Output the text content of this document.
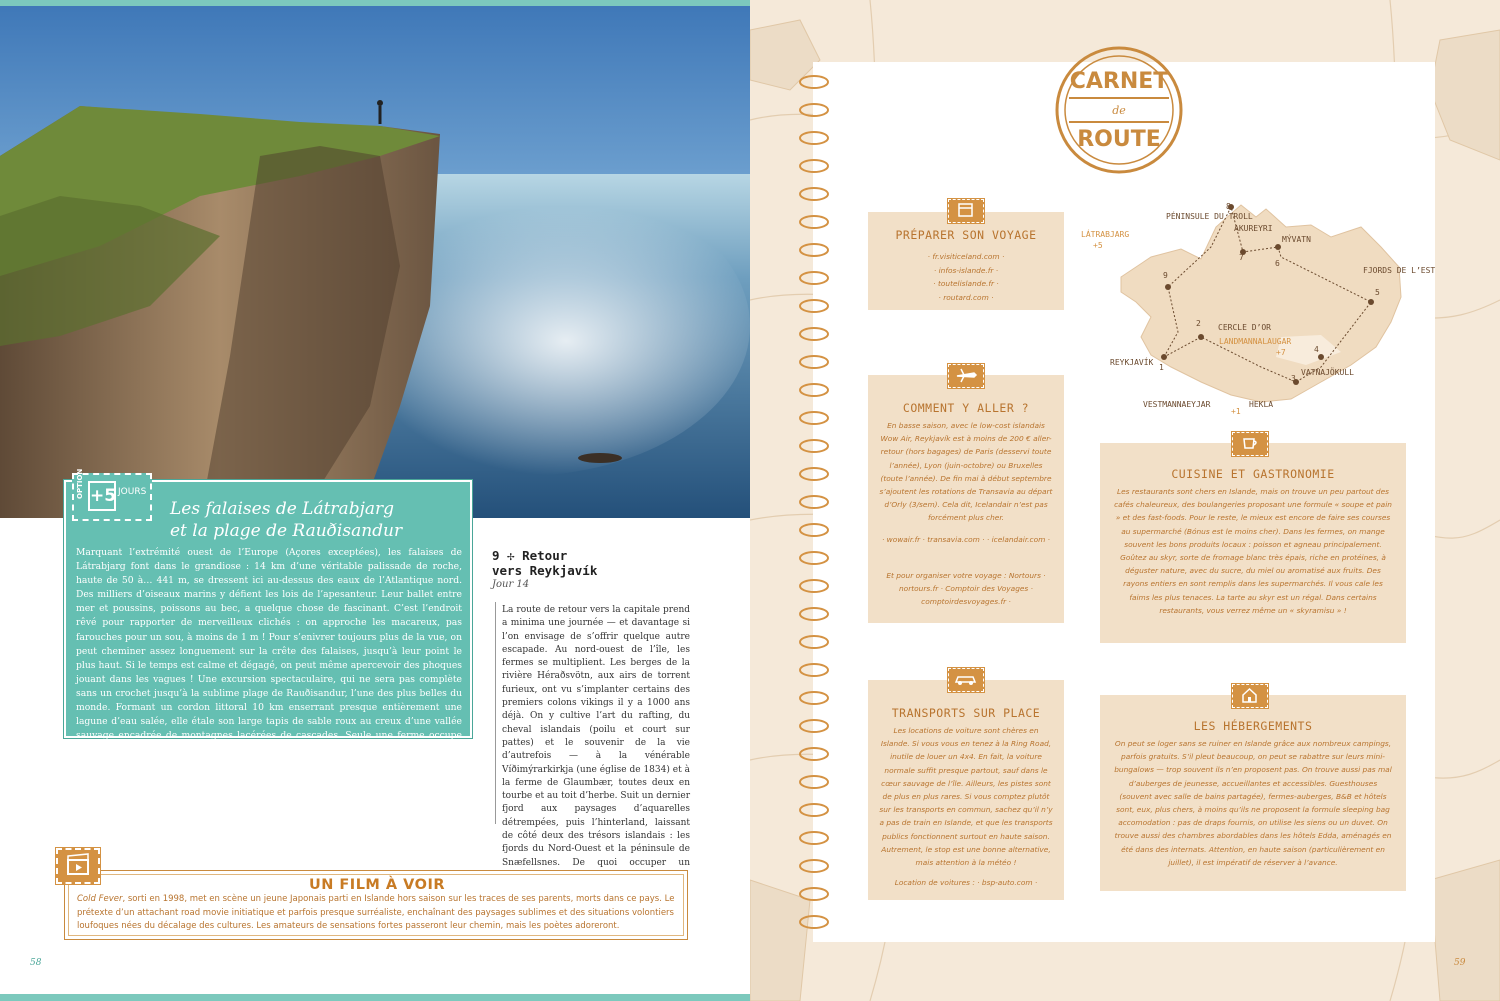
Les falaises de Látrabjarg
et la plage de Rauðisandur
Marquant l’extrémité ouest de l’Europe (Açores exceptées), les falaises de Látrabjarg font dans le grandiose : 14 km d’une véritable palissade de roche, haute de 50 à… 441 m, se dressent ici au-dessus des eaux de l’Atlantique nord. Des milliers d’oiseaux marins y défient les lois de l’apesanteur. Leur ballet entre mer et poussins, poissons au bec, a quelque chose de fascinant. C’est l’endroit rêvé pour rapporter de merveilleux clichés : on approche les macareux, pas farouches pour un sou, à moins de 1 m ! Pour s’enivrer toujours plus de la vue, on peut cheminer assez longuement sur la crête des falaises, jusqu’à leur point le plus haut. Si le temps est calme et dégagé, on peut même apercevoir des phoques jouant dans les vagues ! Une excursion spectaculaire, qui ne sera pas complète sans un crochet jusqu’à la sublime plage de Rauðisandur, l’une des plus belles du monde. Formant un cordon littoral 10 km enserrant presque entièrement une lagune d’eau salée, elle étale son large tapis de sable roux au creux d’une vallée sauvage encadrée de montagnes lacérées de cascades. Seule une ferme occupe l’espace, dont les moutons traversent à marée basse l’estran immense. Par temps clair, scintille sur l’autre rive du Breiðafjörður le dôme du glacier Snæfellsjökull.
OPTION +5 JOURS
9 ✢ Retour
vers Reykjavík
Jour 14
La route de retour vers la capitale prend a minima une journée — et davantage si l’on envisage de s’offrir quelque autre escapade. Au nord-ouest de l’île, les fermes se multiplient. Les berges de la rivière Héraðsvötn, aux airs de torrent furieux, ont vu s’implanter certains des premiers colons vikings il y a 1000 ans déjà. On y cultive l’art du rafting, du cheval islandais (poilu et court sur pattes) et le souvenir de la vie d’autrefois — à la vénérable Víðimýrarkirkja (une église de 1834) et à la ferme de Glaumbær, toutes deux en tourbe et au toit d’herbe. Suit un dernier fjord aux paysages d’aquarelles détrempées, puis l’hinterland, laissant de côté deux des trésors islandais : les fjords du Nord-Ouest et la péninsule de Snæfellsnes. De quoi occuper un
UN FILM À VOIR
Cold Fever, sorti en 1998, met en scène un jeune Japonais parti en Islande hors saison sur les traces de ses parents, morts dans ce pays. Le prétexte d’un attachant road movie initiatique et parfois presque surréaliste, enchaînant des paysages sublimes et des situations volontiers loufoques nées du décalage des cultures. Les amateurs de sensations fortes passeront leur chemin, mais les poètes adoreront.
58
CARNET
de
ROUTE
PRÉPARER SON VOYAGE
· fr.visiticeland.com ·
· infos-islande.fr ·
· toutelislande.fr ·
· routard.com ·
COMMENT Y ALLER ?
En basse saison, avec le low-cost islandais Wow Air, Reykjavík est à moins de 200 € aller-retour (hors bagages) de Paris (desservi toute l’année), Lyon (juin-octobre) ou Bruxelles (toute l’année). De fin mai à début septembre s’ajoutent les rotations de Transavia au départ d’Orly (3/sem). Cela dit, Icelandair n’est pas forcément plus cher.
· wowair.fr · transavia.com · · icelandair.com ·
Et pour organiser votre voyage : Nortours · nortours.fr · Comptoir des Voyages · comptoirdesvoyages.fr ·
TRANSPORTS SUR PLACE
Les locations de voiture sont chères en Islande. Si vous vous en tenez à la Ring Road, inutile de louer un 4x4. En fait, la voiture normale suffit presque partout, sauf dans le cœur sauvage de l’île. Ailleurs, les pistes sont de plus en plus rares. Si vous comptez plutôt sur les transports en commun, sachez qu’il n’y a pas de train en Islande, et que les transports publics fonctionnent surtout en haute saison. Autrement, le stop est une bonne alternative, mais attention à la météo !
Location de voitures : · bsp-auto.com ·
CUISINE ET GASTRONOMIE
Les restaurants sont chers en Islande, mais on trouve un peu partout des cafés chaleureux, des boulangeries proposant une formule « soupe et pain » et des fast-foods. Pour le reste, le mieux est encore de faire ses courses au supermarché (Bónus est le moins cher). Dans les fermes, on mange souvent les bons produits locaux : poisson et agneau principalement. Goûtez au skyr, sorte de fromage blanc très épais, riche en protéines, à déguster nature, avec du sucre, du miel ou aromatisé aux fruits. Des rayons entiers en sont remplis dans les supermarchés. Il vous cale les faims les plus tenaces. La tarte au skyr est un régal. Dans certains restaurants, vous verrez même un « skyramisu » !
LES HÉBERGEMENTS
On peut se loger sans se ruiner en Islande grâce aux nombreux campings, parfois gratuits. S’il pleut beaucoup, on peut se rabattre sur leurs mini-bungalows — trop souvent ils n’en proposent pas. On trouve aussi pas mal d’auberges de jeunesse, accueillantes et accessibles. Guesthouses (souvent avec salle de bains partagée), fermes-auberges, B&B et hôtels sont, eux, plus chers, à moins qu’ils ne proposent la formule sleeping bag accomodation : pas de draps fournis, on utilise les siens ou un duvet. On trouve aussi des chambres abordables dans les hôtels Edda, aménagés en été dans des internats. Attention, en haute saison (particulièrement en juillet), il est impératif de réserver à l’avance.
PÉNINSULE DU TROLL
LÁTRABJARG
+5
AKUREYRI
MÝVATN
FJORDS DE L’EST
CERCLE D’OR
LANDMANNALAUGAR
+7
REYKJAVÍK
VATNAJÖKULL
VESTMANNAEYJAR
+1
HEKLA
1
2
3
4
5
6
7
8
9
59
